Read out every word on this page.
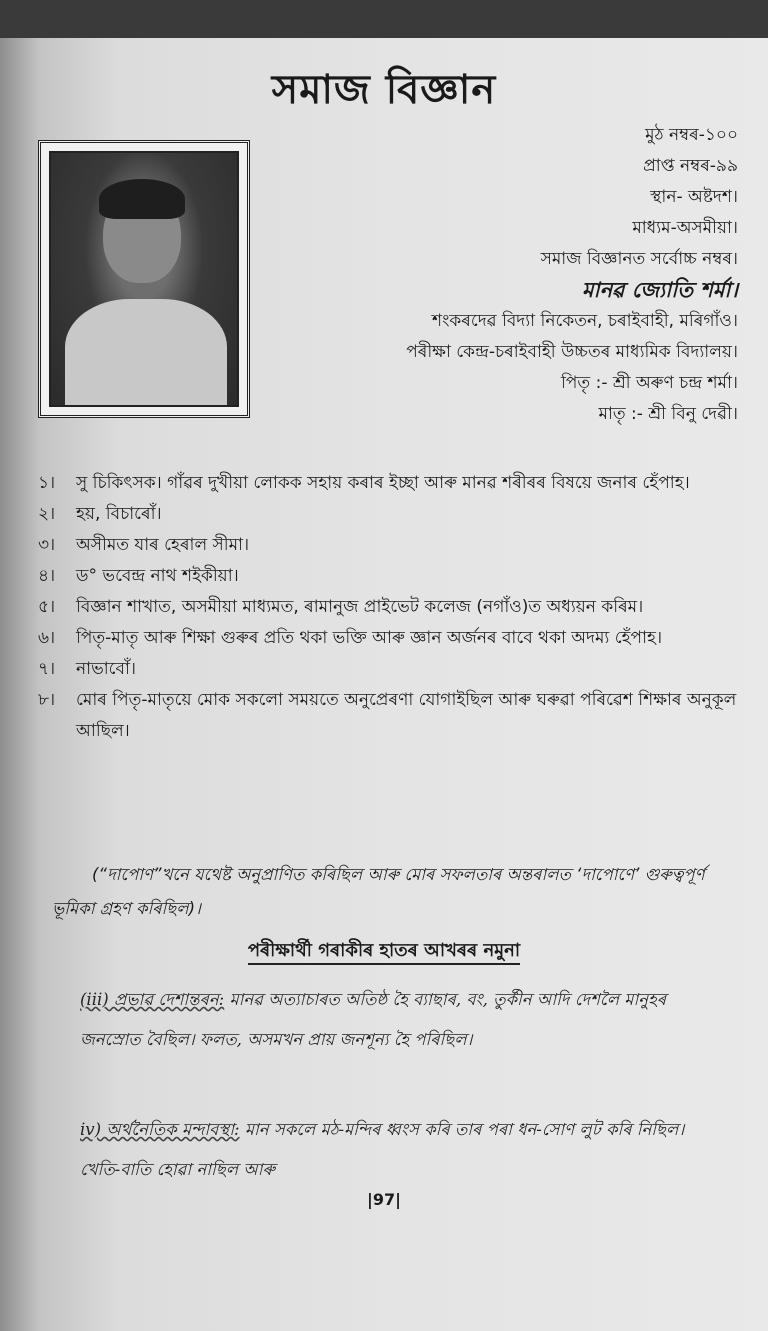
সমাজ বিজ্ঞান
মুঠ নম্বৰ-১০০
প্ৰাপ্ত নম্বৰ-৯৯
স্থান- অষ্টদশ।
মাধ্যম-অসমীয়া।
সমাজ বিজ্ঞানত সৰ্বোচ্চ নম্বৰ।
মানৱ জ্যোতি শৰ্মা।
শংকৰদেৱ বিদ্যা নিকেতন, চৰাইবাহী, মৰিগাঁও।
পৰীক্ষা কেন্দ্ৰ-চৰাইবাহী উচ্চতৰ মাধ্যমিক বিদ্যালয়।
পিতৃ :- শ্ৰী অৰুণ চন্দ্ৰ শৰ্মা।
মাতৃ :- শ্ৰী বিনু দেৱী।
১। সু চিকিৎসক। গাঁৱৰ দুখীয়া লোকক সহায় কৰাৰ ইচ্ছা আৰু মানৱ শৰীৰৰ বিষয়ে জনাৰ হেঁপাহ।
২। হয়, বিচাৰোঁ।
৩। অসীমত যাৰ হেৰাল সীমা।
৪। ড° ভবেন্দ্ৰ নাথ শইকীয়া।
৫। বিজ্ঞান শাখাত, অসমীয়া মাধ্যমত, ৰামানুজ প্ৰাইভেট কলেজ (নগাঁও)ত অধ্যয়ন কৰিম।
৬। পিতৃ-মাতৃ আৰু শিক্ষা গুৰুৰ প্ৰতি থকা ভক্তি আৰু জ্ঞান অৰ্জনৰ বাবে থকা অদম্য হেঁপাহ।
৭। নাভাবোঁ।
৮। মোৰ পিতৃ-মাতৃয়ে মোক সকলো সময়তে অনুপ্ৰেৰণা যোগাইছিল আৰু ঘৰুৱা পৰিৱেশ শিক্ষাৰ অনুকূল আছিল।
(“দাপোণ”খনে যথেষ্ট অনুপ্ৰাণিত কৰিছিল আৰু মোৰ সফলতাৰ অন্তৰালত ‘দাপোণে’ গুৰুত্বপূৰ্ণ ভূমিকা গ্ৰহণ কৰিছিল)।
পৰীক্ষাৰ্থী গৰাকীৰ হাতৰ আখৰৰ নমুনা
(iii) প্ৰভাৱ দেশান্তৰন: মানৱ অত্যাচাৰত অতিষ্ঠ হৈ ব্যাছাৰ, বং, তুৰ্কীন আদি দেশলৈ মানুহৰ জনস্ৰোত বৈছিল। ফলত, অসমখন প্ৰায় জনশূন্য হৈ পৰিছিল।
iv) অৰ্থনৈতিক মন্দাবস্থা: মান সকলে মঠ-মন্দিৰ ধ্বংস কৰি তাৰ পৰা ধন-সোণ লুট কৰি নিছিল। খেতি-বাতি হোৱা নাছিল আৰু
|97|
